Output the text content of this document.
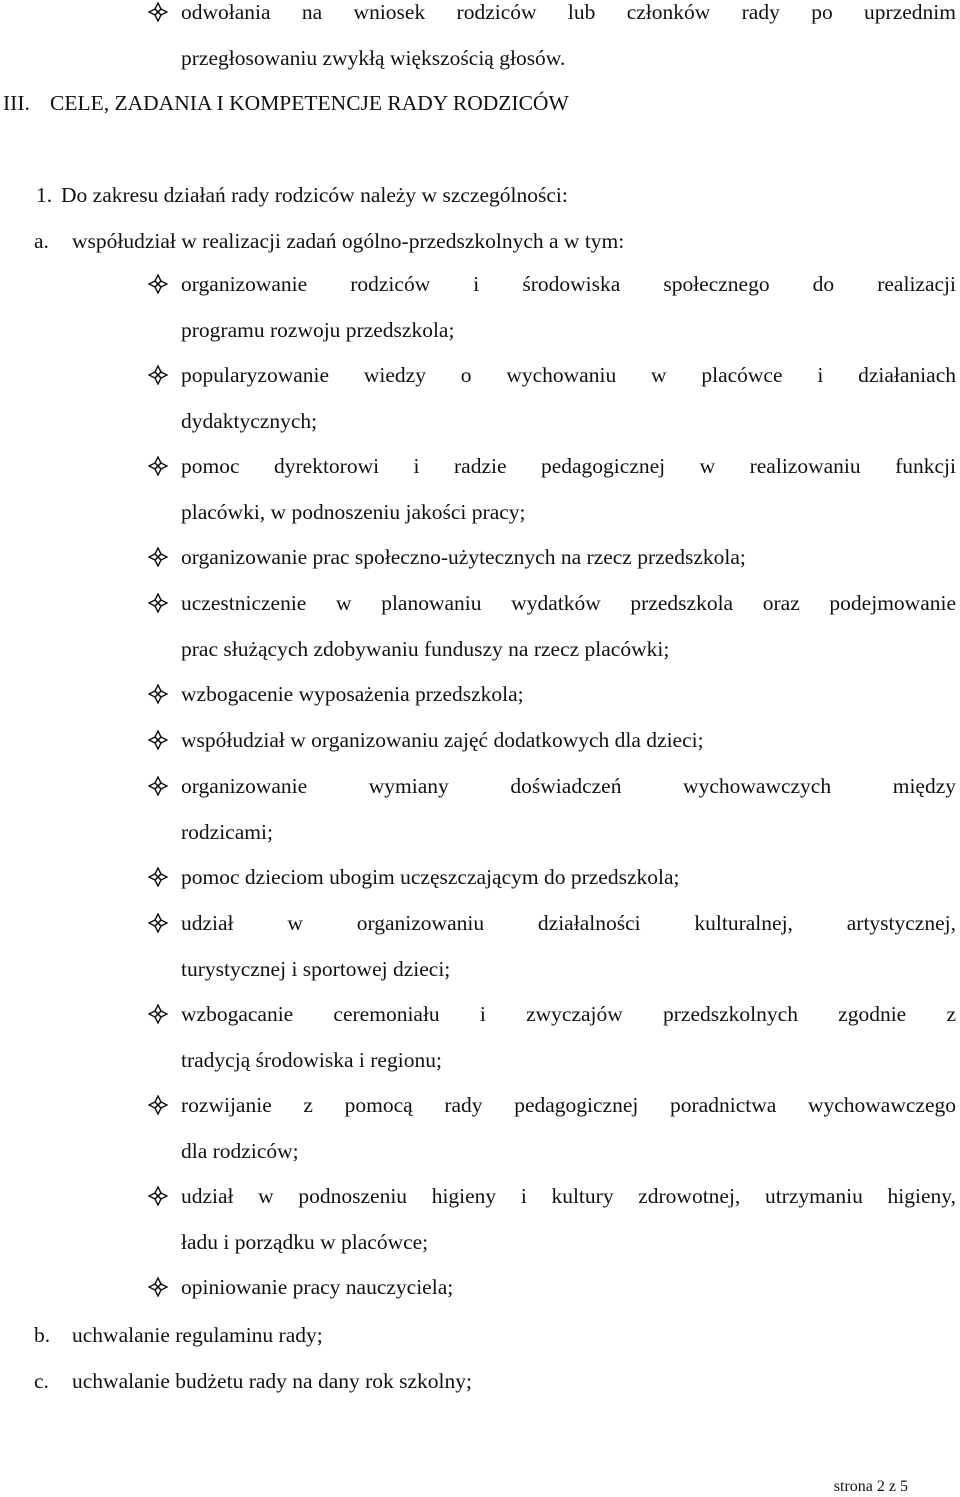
odwołania na wniosek rodziców lub członków rady po uprzednim
przegłosowaniu zwykłą większością głosów.
III. CELE, ZADANIA I KOMPETENCJE RADY RODZICÓW
1. Do zakresu działań rady rodziców należy w szczególności:
a. współudział w realizacji zadań ogólno-przedszkolnych a w tym:
organizowanie rodziców i środowiska społecznego do realizacji
programu rozwoju przedszkola;
popularyzowanie wiedzy o wychowaniu w placówce i działaniach
dydaktycznych;
pomoc dyrektorowi i radzie pedagogicznej w realizowaniu funkcji
placówki, w podnoszeniu jakości pracy;
organizowanie prac społeczno-użytecznych na rzecz przedszkola;
uczestniczenie w planowaniu wydatków przedszkola oraz podejmowanie
prac służących zdobywaniu funduszy na rzecz placówki;
wzbogacenie wyposażenia przedszkola;
współudział w organizowaniu zajęć dodatkowych dla dzieci;
organizowanie wymiany doświadczeń wychowawczych między
rodzicami;
pomoc dzieciom ubogim uczęszczającym do przedszkola;
udział w organizowaniu działalności kulturalnej, artystycznej,
turystycznej i sportowej dzieci;
wzbogacanie ceremoniału i zwyczajów przedszkolnych zgodnie z
tradycją środowiska i regionu;
rozwijanie z pomocą rady pedagogicznej poradnictwa wychowawczego
dla rodziców;
udział w podnoszeniu higieny i kultury zdrowotnej, utrzymaniu higieny,
ładu i porządku w placówce;
opiniowanie pracy nauczyciela;
b. uchwalanie regulaminu rady;
c. uchwalanie budżetu rady na dany rok szkolny;
strona 2 z 5
